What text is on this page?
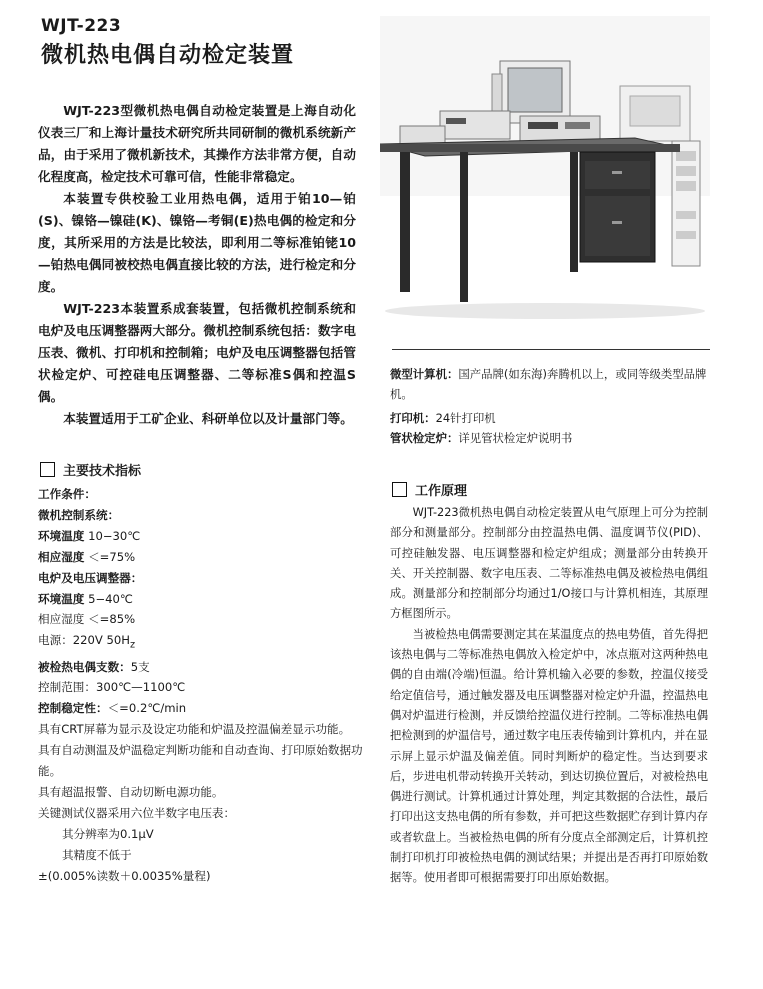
WJT-223
微机热电偶自动检定装置

WJT-223型微机热电偶自动检定装置是上海自动化仪表三厂和上海计量技术研究所共同研制的微机系统新产品，由于采用了微机新技术，其操作方法非常方便，自动化程度高，检定技术可靠可信，性能非常稳定。

本装置专供校验工业用热电偶，适用于铂10—铂(S)、镍铬—镍硅(K)、镍铬—考铜(E)热电偶的检定和分度，其所采用的方法是比较法，即利用二等标准铂铑10—铂热电偶同被校热电偶直接比较的方法，进行检定和分度。

WJT-223本装置系成套装置，包括微机控制系统和电炉及电压调整器两大部分。微机控制系统包括：数字电压表、微机、打印机和控制箱；电炉及电压调整器包括管状检定炉、可控硅电压调整器、二等标准S偶和控温S偶。

本装置适用于工矿企业、科研单位以及计量部门等。

主要技术指标
工作条件：
微机控制系统：
环境温度 10−30℃
相应湿度 ＜=75%
电炉及电压调整器：
环境温度 5−40℃
相应湿度 ＜=85%
电源：220V $50H_z$
被检热电偶支数：5支
控制范围：300℃—1100℃
控制稳定性：＜=0.2℃/min
具有CRT屏幕为显示及设定功能和炉温及控温偏差显示功能。
具有自动测温及炉温稳定判断功能和自动查询、打印原始数据功能。
具有超温报警、自动切断电源功能。
关键测试仪器采用六位半数字电压表：
其分辨率为0.1μV
其精度不低于
±(0.005%读数＋0.0035%量程)
微型计算机：国产品牌(如东海)奔腾机以上，或同等级类型品牌机。
打印机：24针打印机
管状检定炉：详见管状检定炉说明书
工作原理

WJT-223微机热电偶自动检定装置从电气原理上可分为控制部分和测量部分。控制部分由控温热电偶、温度调节仪(PID)、可控硅触发器、电压调整器和检定炉组成；测量部分由转换开关、开关控制器、数字电压表、二等标准热电偶及被检热电偶组成。测量部分和控制部分均通过1/O接口与计算机相连，其原理方框图所示。

当被检热电偶需要测定其在某温度点的热电势值，首先得把该热电偶与二等标准热电偶放入检定炉中，冰点瓶对这两种热电偶的自由端(冷端)恒温。给计算机输入必要的参数，控温仪接受给定值信号，通过触发器及电压调整器对检定炉升温，控温热电偶对炉温进行检测，并反馈给控温仪进行控制。二等标准热电偶把检测到的炉温信号，通过数字电压表传输到计算机内，并在显示屏上显示炉温及偏差值。同时判断炉的稳定性。当达到要求后，步进电机带动转换开关转动，到达切换位置后，对被检热电偶进行测试。计算机通过计算处理，判定其数据的合法性，最后打印出这支热电偶的所有参数，并可把这些数据贮存到计算内存或者软盘上。当被检热电偶的所有分度点全部测定后，计算机控制打印机打印被检热电偶的测试结果；并提出是否再打印原始数据等。使用者即可根据需要打印出原始数据。
